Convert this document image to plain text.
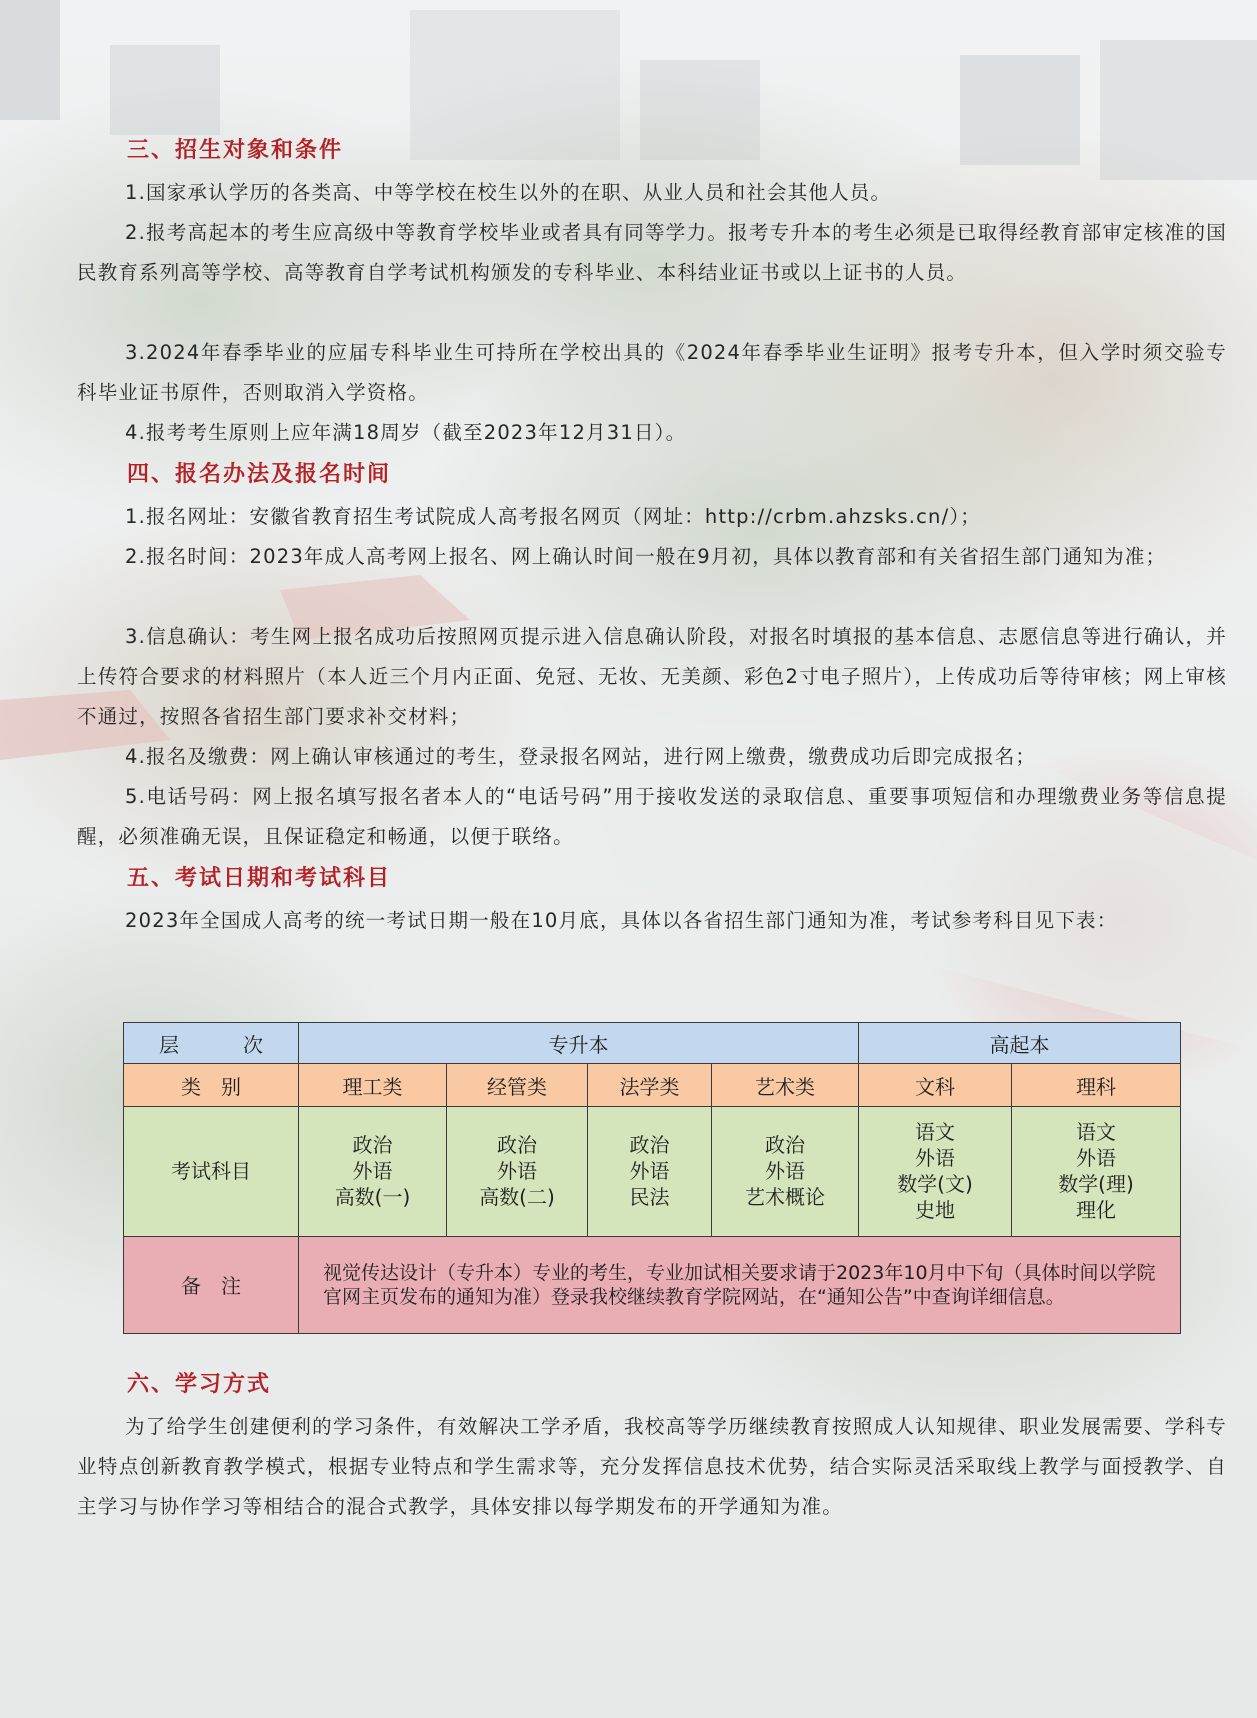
三、招生对象和条件
1.国家承认学历的各类高、中等学校在校生以外的在职、从业人员和社会其他人员。
2.报考高起本的考生应高级中等教育学校毕业或者具有同等学力。报考专升本的考生必须是已取得经教育部审定核准的国民教育系列高等学校、高等教育自学考试机构颁发的专科毕业、本科结业证书或以上证书的人员。
3.2024年春季毕业的应届专科毕业生可持所在学校出具的《2024年春季毕业生证明》报考专升本，但入学时须交验专科毕业证书原件，否则取消入学资格。
4.报考考生原则上应年满18周岁（截至2023年12月31日）。
四、报名办法及报名时间
1.报名网址：安徽省教育招生考试院成人高考报名网页（网址：http://crbm.ahzsks.cn/）；
2.报名时间：2023年成人高考网上报名、网上确认时间一般在9月初，具体以教育部和有关省招生部门通知为准；
3.信息确认：考生网上报名成功后按照网页提示进入信息确认阶段，对报名时填报的基本信息、志愿信息等进行确认，并上传符合要求的材料照片（本人近三个月内正面、免冠、无妆、无美颜、彩色2寸电子照片），上传成功后等待审核；网上审核不通过，按照各省招生部门要求补交材料；
4.报名及缴费：网上确认审核通过的考生，登录报名网站，进行网上缴费，缴费成功后即完成报名；
5.电话号码：网上报名填写报名者本人的“电话号码”用于接收发送的录取信息、重要事项短信和办理缴费业务等信息提醒，必须准确无误，且保证稳定和畅通，以便于联络。
五、考试日期和考试科目
2023年全国成人高考的统一考试日期一般在10月底，具体以各省招生部门通知为准，考试参考科目见下表：
层　次	专升本				高起本	
类　别	理工类	经管类	法学类	艺术类	文科	理科
考试科目	政治
外语
高数(一)	政治
外语
高数(二)	政治
外语
民法	政治
外语
艺术概论	语文
外语
数学(文)
史地	语文
外语
数学(理)
理化

备　注	视觉传达设计（专升本）专业的考生，专业加试相关要求请于2023年10月中下旬（具体时间以学院官网主页发布的通知为准）登录我校继续教育学院网站，在“通知公告”中查询详细信息。					
六、学习方式
为了给学生创建便利的学习条件，有效解决工学矛盾，我校高等学历继续教育按照成人认知规律、职业发展需要、学科专业特点创新教育教学模式，根据专业特点和学生需求等，充分发挥信息技术优势，结合实际灵活采取线上教学与面授教学、自主学习与协作学习等相结合的混合式教学，具体安排以每学期发布的开学通知为准。
